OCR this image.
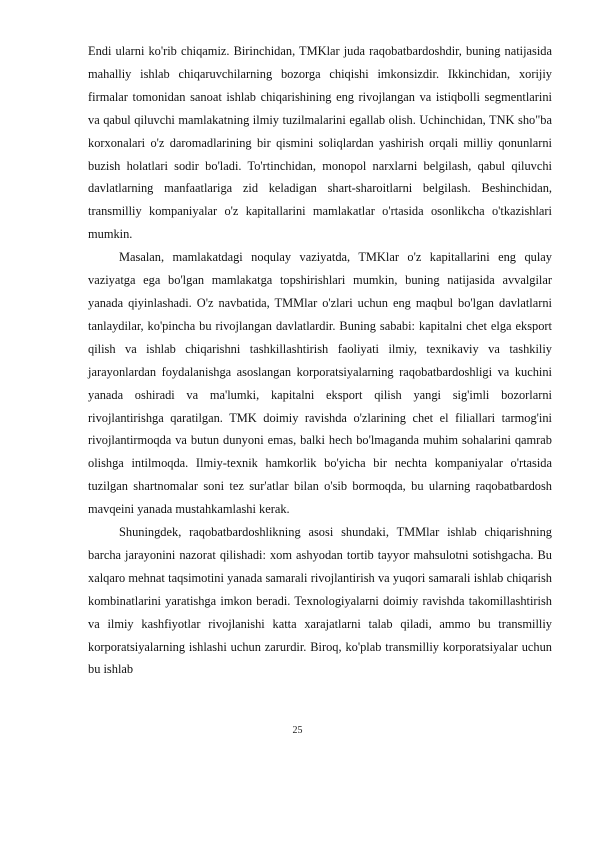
Endi ularni ko'rib chiqamiz. Birinchidan, TMKlar juda raqobatbardoshdir, buning natijasida mahalliy ishlab chiqaruvchilarning bozorga chiqishi imkonsizdir. Ikkinchidan, xorijiy firmalar tomonidan sanoat ishlab chiqarishining eng rivojlangan va istiqbolli segmentlarini va qabul qiluvchi mamlakatning ilmiy tuzilmalarini egallab olish. Uchinchidan, TNK sho"ba korxonalari o'z daromadlarining bir qismini soliqlardan yashirish orqali milliy qonunlarni buzish holatlari sodir bo'ladi. To'rtinchidan, monopol narxlarni belgilash, qabul qiluvchi davlatlarning manfaatlariga zid keladigan shart-sharoitlarni belgilash. Beshinchidan, transmilliy kompaniyalar o'z kapitallarini mamlakatlar o'rtasida osonlikcha o'tkazishlari mumkin.

Masalan, mamlakatdagi noqulay vaziyatda, TMKlar o'z kapitallarini eng qulay vaziyatga ega bo'lgan mamlakatga topshirishlari mumkin, buning natijasida avvalgilar yanada qiyinlashadi. O'z navbatida, TMMlar o'zlari uchun eng maqbul bo'lgan davlatlarni tanlaydilar, ko'pincha bu rivojlangan davlatlardir. Buning sababi: kapitalni chet elga eksport qilish va ishlab chiqarishni tashkillashtirish faoliyati ilmiy, texnikaviy va tashkiliy jarayonlardan foydalanishga asoslangan korporatsiyalarning raqobatbardoshligi va kuchini yanada oshiradi va ma'lumki, kapitalni eksport qilish yangi sig'imli bozorlarni rivojlantirishga qaratilgan. TMK doimiy ravishda o'zlarining chet el filiallari tarmog'ini rivojlantirmoqda va butun dunyoni emas, balki hech bo'lmaganda muhim sohalarini qamrab olishga intilmoqda. Ilmiy-texnik hamkorlik bo'yicha bir nechta kompaniyalar o'rtasida tuzilgan shartnomalar soni tez sur'atlar bilan o'sib bormoqda, bu ularning raqobatbardosh mavqeini yanada mustahkamlashi kerak.

Shuningdek, raqobatbardoshlikning asosi shundaki, TMMlar ishlab chiqarishning barcha jarayonini nazorat qilishadi: xom ashyodan tortib tayyor mahsulotni sotishgacha. Bu xalqaro mehnat taqsimotini yanada samarali rivojlantirish va yuqori samarali ishlab chiqarish kombinatlarini yaratishga imkon beradi. Texnologiyalarni doimiy ravishda takomillashtirish va ilmiy kashfiyotlar rivojlanishi katta xarajatlarni talab qiladi, ammo bu transmilliy korporatsiyalarning ishlashi uchun zarurdir. Biroq, ko'plab transmilliy korporatsiyalar uchun bu ishlab

25
